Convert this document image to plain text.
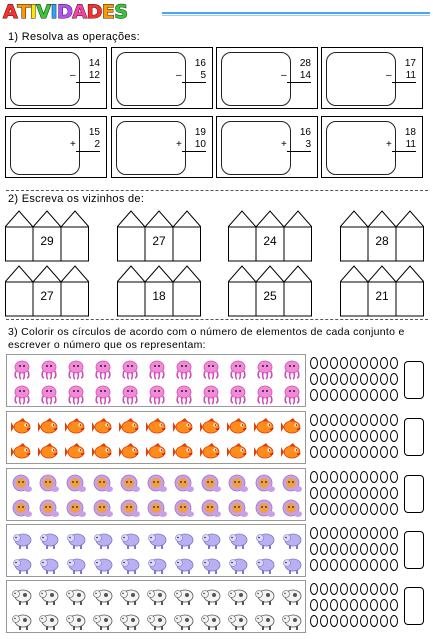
A T I V I D A D E S
1) Resolva as operações:
14
– 12
16
– 5
28
– 14
17
– 11
15
+ 2
19
+ 10
16
+ 3
18
+ 11
2) Escreva os vizinhos de:
29	27	24	28
27	18	25	21
3) Colorir os círculos de acordo com o número de elementos de cada conjunto e
escrever o número que os representam:
